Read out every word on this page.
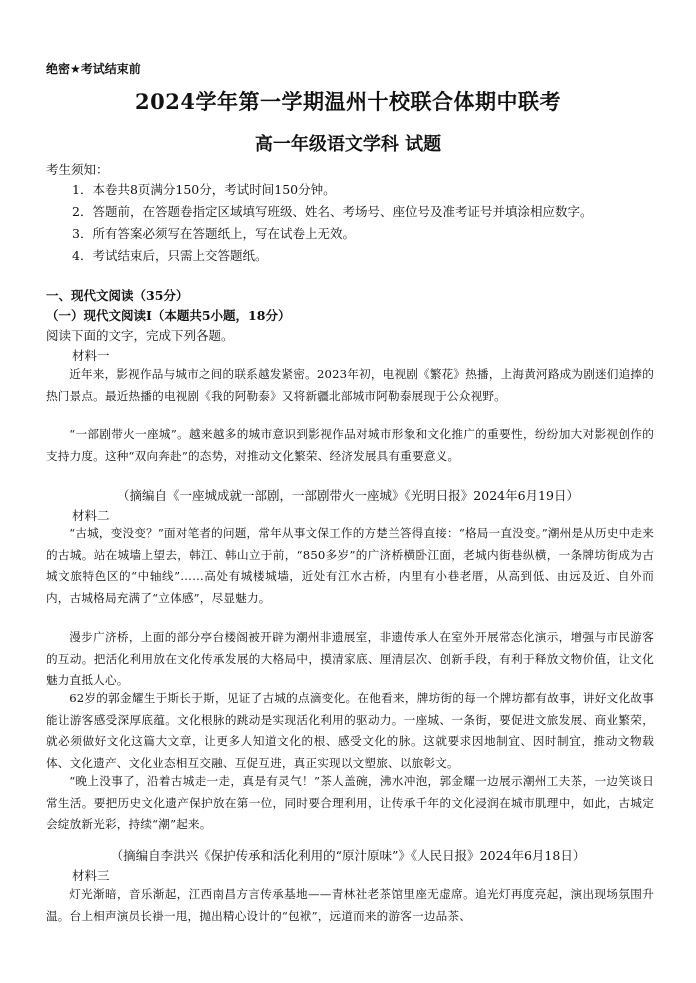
绝密★考试结束前
2024学年第一学期温州十校联合体期中联考
高一年级语文学科 试题
考生须知：
1．本卷共8页满分150分，考试时间150分钟。
2．答题前，在答题卷指定区域填写班级、姓名、考场号、座位号及准考证号并填涂相应数字。
3．所有答案必须写在答题纸上，写在试卷上无效。
4．考试结束后，只需上交答题纸。
一、现代文阅读（35分）
（一）现代文阅读Ⅰ（本题共5小题，18分）
阅读下面的文字，完成下列各题。
材料一
近年来，影视作品与城市之间的联系越发紧密。2023年初，电视剧《繁花》热播，上海黄河路成为剧迷们追捧的热门景点。最近热播的电视剧《我的阿勒泰》又将新疆北部城市阿勒泰展现于公众视野。
“一部剧带火一座城”。越来越多的城市意识到影视作品对城市形象和文化推广的重要性，纷纷加大对影视创作的支持力度。这种“双向奔赴”的态势，对推动文化繁荣、经济发展具有重要意义。
（摘编自《一座城成就一部剧，一部剧带火一座城》《光明日报》2024年6月19日）
材料二
“古城，变没变？”面对笔者的问题，常年从事文保工作的方楚兰答得直接：“格局一直没变。”潮州是从历史中走来的古城。站在城墙上望去，韩江、韩山立于前，“850多岁”的广济桥横卧江面，老城内街巷纵横，一条牌坊街成为古城文旅特色区的“中轴线”……高处有城楼城墙，近处有江水古桥，内里有小巷老厝，从高到低、由远及近、自外而内，古城格局充满了“立体感”，尽显魅力。
漫步广济桥，上面的部分亭台楼阁被开辟为潮州非遗展室，非遗传承人在室外开展常态化演示，增强与市民游客的互动。把活化利用放在文化传承发展的大格局中，摸清家底、厘清层次、创新手段，有利于释放文物价值，让文化魅力直抵人心。
62岁的郭金耀生于斯长于斯，见证了古城的点滴变化。在他看来，牌坊街的每一个牌坊都有故事，讲好文化故事能让游客感受深厚底蕴。文化根脉的跳动是实现活化利用的驱动力。一座城、一条街，要促进文旅发展、商业繁荣，就必须做好文化这篇大文章，让更多人知道文化的根、感受文化的脉。这就要求因地制宜、因时制宜，推动文物载体、文化遗产、文化业态相互交融、互促互进，真正实现以文塑旅、以旅彰文。
“晚上没事了，沿着古城走一走，真是有灵气！”茶人盖碗，沸水冲泡，郭金耀一边展示潮州工夫茶，一边笑谈日常生活。要把历史文化遗产保护放在第一位，同时要合理利用，让传承千年的文化浸润在城市肌理中，如此，古城定会绽放新光彩，持续“潮”起来。
（摘编自李洪兴《保护传承和活化利用的“原汁原味”》《人民日报》2024年6月18日）
材料三
灯光渐暗，音乐渐起，江西南昌方言传承基地——青林社老茶馆里座无虚席。追光灯再度亮起，演出现场氛围升温。台上相声演员长褂一甩，抛出精心设计的“包袱”，远道而来的游客一边品茶、
